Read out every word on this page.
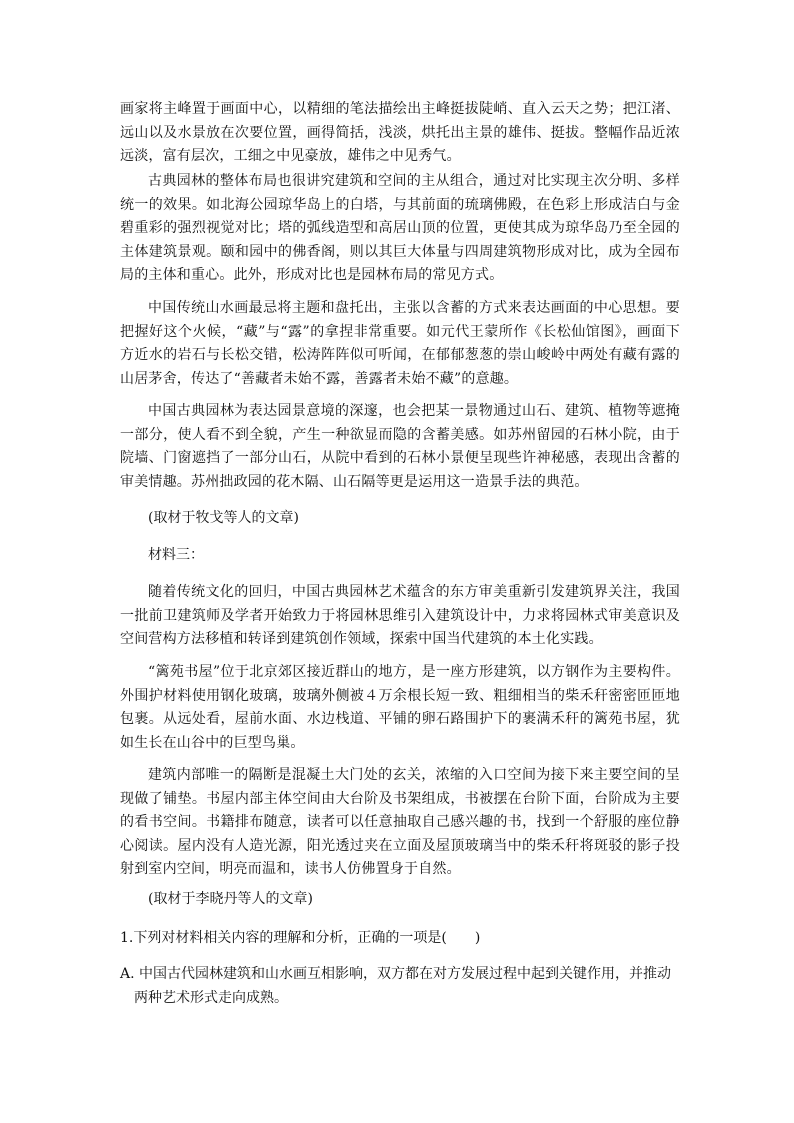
画家将主峰置于画面中心，以精细的笔法描绘出主峰挺拔陡峭、直入云天之势；把江渚、远山以及水景放在次要位置，画得简括，浅淡，烘托出主景的雄伟、挺拔。整幅作品近浓远淡，富有层次，工细之中见豪放，雄伟之中见秀气。

古典园林的整体布局也很讲究建筑和空间的主从组合，通过对比实现主次分明、多样统一的效果。如北海公园琼华岛上的白塔，与其前面的琉璃佛殿，在色彩上形成洁白与金碧重彩的强烈视觉对比；塔的弧线造型和高居山顶的位置，更使其成为琼华岛乃至全园的主体建筑景观。颐和园中的佛香阁，则以其巨大体量与四周建筑物形成对比，成为全园布局的主体和重心。此外，形成对比也是园林布局的常见方式。

中国传统山水画最忌将主题和盘托出，主张以含蓄的方式来表达画面的中心思想。要把握好这个火候，“藏”与“露”的拿捏非常重要。如元代王蒙所作《长松仙馆图》，画面下方近水的岩石与长松交错，松涛阵阵似可听闻，在郁郁葱葱的崇山峻岭中两处有藏有露的山居茅舍，传达了“善藏者未始不露，善露者未始不藏”的意趣。

中国古典园林为表达园景意境的深邃，也会把某一景物通过山石、建筑、植物等遮掩一部分，使人看不到全貌，产生一种欲显而隐的含蓄美感。如苏州留园的石林小院，由于院墙、门窗遮挡了一部分山石，从院中看到的石林小景便呈现些许神秘感，表现出含蓄的审美情趣。苏州拙政园的花木隔、山石隔等更是运用这一造景手法的典范。

(取材于牧戈等人的文章)

材料三：

随着传统文化的回归，中国古典园林艺术蕴含的东方审美重新引发建筑界关注，我国一批前卫建筑师及学者开始致力于将园林思维引入建筑设计中，力求将园林式审美意识及空间营构方法移植和转译到建筑创作领域，探索中国当代建筑的本土化实践。

“篱苑书屋”位于北京郊区接近群山的地方，是一座方形建筑，以方钢作为主要构件。外围护材料使用钢化玻璃，玻璃外侧被４万余根长短一致、粗细相当的柴禾秆密密匝匝地包裹。从远处看，屋前水面、水边栈道、平铺的卵石路围护下的裹满禾秆的篱苑书屋，犹如生长在山谷中的巨型鸟巢。

建筑内部唯一的隔断是混凝土大门处的玄关，浓缩的入口空间为接下来主要空间的呈现做了铺垫。书屋内部主体空间由大台阶及书架组成，书被摆在台阶下面，台阶成为主要的看书空间。书籍排布随意，读者可以任意抽取自己感兴趣的书，找到一个舒服的座位静心阅读。屋内没有人造光源，阳光透过夹在立面及屋顶玻璃当中的柴禾秆将斑驳的影子投射到室内空间，明亮而温和，读书人仿佛置身于自然。

(取材于李晓丹等人的文章)

1.下列对材料相关内容的理解和分析，正确的一项是(　　)

A. 中国古代园林建筑和山水画互相影响，双方都在对方发展过程中起到关键作用，并推动

两种艺术形式走向成熟。
